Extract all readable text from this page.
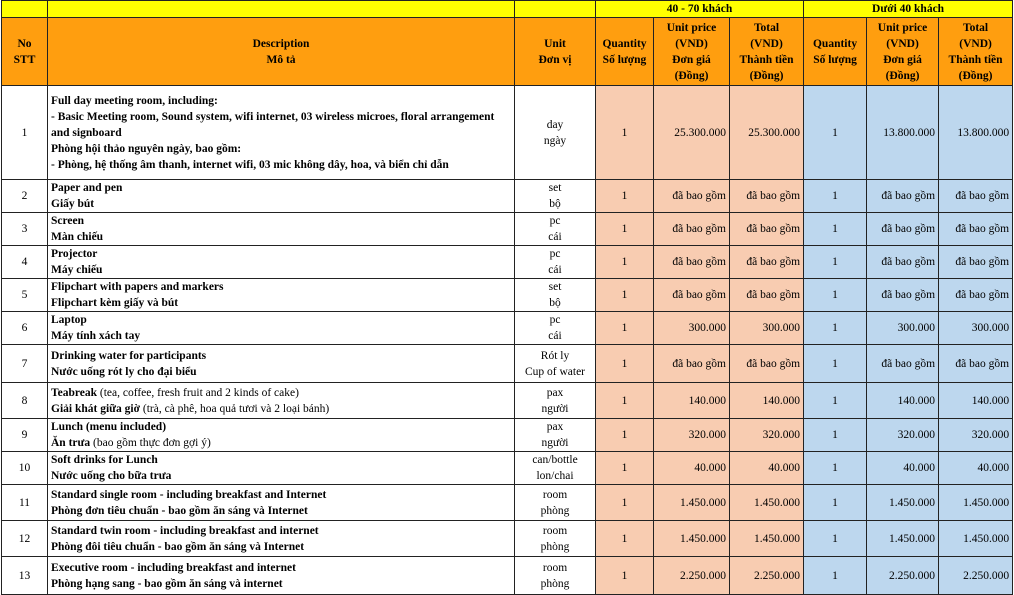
			40 - 70 khách			Dưới 40 khách		

No
STT	Description
Mô tả	Unit
Đơn vị	Quantity
Số lượng	Unit price
(VND)
Đơn giá
(Đồng)	Total
(VND)
Thành tiền
(Đồng)	Quantity
Số lượng	Unit price
(VND)
Đơn giá
(Đồng)	Total
(VND)
Thành tiền
(Đồng)

1	Full day meeting room, including:
- Basic Meeting room, Sound system, wifi internet, 03 wireless microes, floral arrangement and signboard
Phòng hội thảo nguyên ngày, bao gồm:
- Phòng, hệ thống âm thanh, internet wifi, 03 mic không dây, hoa, và biển chỉ dẫn	day
ngày	1	25.300.000	25.300.000	1	13.800.000	13.800.000
2	Paper and pen
Giấy bút	set
bộ	1	đã bao gồm	đã bao gồm	1	đã bao gồm	đã bao gồm
3	Screen
Màn chiếu	pc
cái	1	đã bao gồm	đã bao gồm	1	đã bao gồm	đã bao gồm
4	Projector
Máy chiếu	pc
cái	1	đã bao gồm	đã bao gồm	1	đã bao gồm	đã bao gồm
5	Flipchart with papers and markers
Flipchart kèm giấy và bút	set
bộ	1	đã bao gồm	đã bao gồm	1	đã bao gồm	đã bao gồm
6	Laptop
Máy tính xách tay	pc
cái	1	300.000	300.000	1	300.000	300.000
7	Drinking water for participants
Nước uống rót ly cho đại biểu	Rót ly
Cup of water	1	đã bao gồm	đã bao gồm	1	đã bao gồm	đã bao gồm
8	Teabreak (tea, coffee, fresh fruit and 2 kinds of cake)
Giải khát giữa giờ (trà, cà phê, hoa quả tươi và 2 loại bánh)	pax
người	1	140.000	140.000	1	140.000	140.000
9	Lunch (menu included)
Ăn trưa (bao gồm thực đơn gợi ý)	pax
người	1	320.000	320.000	1	320.000	320.000
10	Soft drinks for Lunch
Nước uống cho bữa trưa	can/bottle
lon/chai	1	40.000	40.000	1	40.000	40.000
11	Standard single room - including breakfast and Internet
Phòng đơn tiêu chuẩn - bao gồm ăn sáng và Internet	room
phòng	1	1.450.000	1.450.000	1	1.450.000	1.450.000
12	Standard twin room - including breakfast and internet
Phòng đôi tiêu chuẩn - bao gồm ăn sáng và Internet	room
phòng	1	1.450.000	1.450.000	1	1.450.000	1.450.000
13	Executive room - including breakfast and internet
Phòng hạng sang - bao gồm ăn sáng và internet	room
phòng	1	2.250.000	2.250.000	1	2.250.000	2.250.000
